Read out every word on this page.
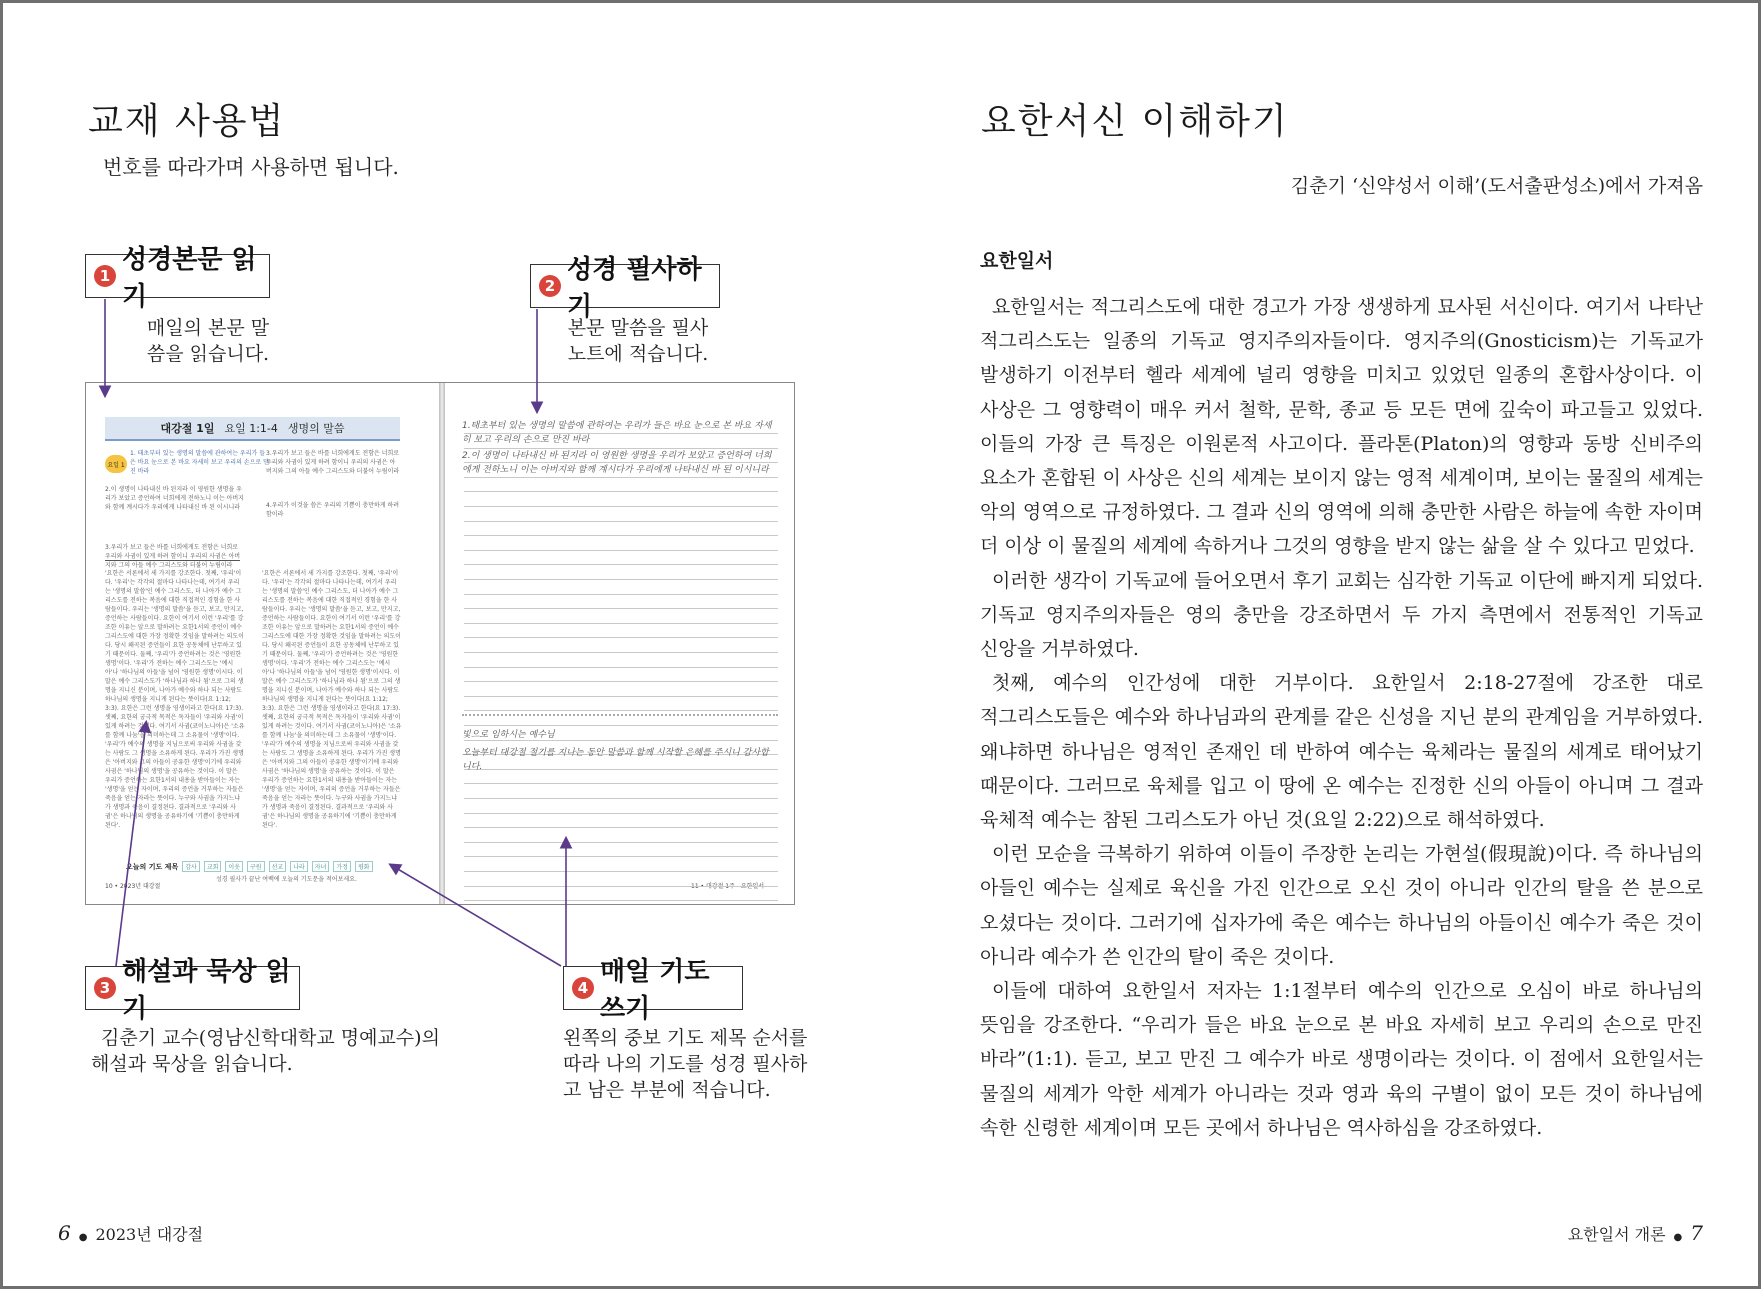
교재 사용법
번호를 따라가며 사용하면 됩니다.
1
성경본문 읽기
매일의 본문 말
씀을 읽습니다.
2
성경 필사하기
본문 말씀을 필사
노트에 적습니다.
대강절 1일 요일 1:1-4 생명의 말씀
요일 1
1. 태초부터 있는 생명의 말씀에 관하여는 우리가 들은 바요 눈으로 본 바요 자세히 보고 우리의 손으로 만진 바라
2.이 생명이 나타내신 바 된지라 이 영원한 생명을 우리가 보았고 증언하여 너희에게 전하노니 이는 아버지와 함께 계시다가 우리에게 나타내신 바 된 이시니라
3.우리가 보고 들은 바를 너희에게도 전함은 너희로 우리와 사귐이 있게 하려 함이니 우리의 사귐은 아버지와 그의 아들 예수 그리스도와 더불어 누림이라
3.우리가 보고 들은 바를 너희에게도 전함은 너희로 우리와 사귐이 있게 하려 함이니 우리의 사귐은 아버지와 그의 아들 예수 그리스도와 더불어 누림이라
4.우리가 이것을 씀은 우리의 기쁨이 충만하게 하려 함이라
'요한은 서론에서 세 가지를 강조한다. 첫째, '우리'이다. '우리'는 각각의 절마다 나타나는데, 여기서 우리는 '생명의 말씀'인 예수 그리스도, 더 나아가 예수 그리스도를 전하는 복음에 대한 직접적인 경험을 한 사람들이다. 우리는 '생명의 말씀'을 듣고, 보고, 만지고, 증언하는 사람들이다. 요한이 여기서 이런 '우리'를 강조한 이유는 앞으로 말하려는 요한1서의 증언이 예수 그리스도에 대한 가장 정확한 것임을 말하려는 의도이다. 당시 왜곡된 증언들이 요한 공동체에 난무하고 있기 때문이다. 둘째, '우리'가 증언하려는 것은 '영원한 생명'이다. '우리'가 전하는 예수 그리스도는 '예시아'나 '하나님의 아들'을 넘어 '영원한 생명'이시다. 이 말은 예수 그리스도가 '하나님과 하나 됨'으로 그의 생명을 지니신 분이며, 나아가 예수와 하나 되는 사람도 하나님의 생명을 지니게 된다는 뜻이다(요 1:12; 3:3). 요한은 그런 생명을 영생이라고 한다(요 17:3). 셋째, 요한의 궁극적 목적은 독자들이 '우리와 사귐'이 있게 하려는 것이다. 여기서 사귐(코이노니아)은 '소유를 함께 나눔'을 의미하는데 그 소유물이 '생명'이다. '우리'가 예수의 생명을 지님으로써 우리와 사귐을 갖는 사람도 그 생명을 소유하게 된다. 우리가 가진 생명은 '아버지와 그의 아들이 공유한 생명'이기에 우리와 사귐은 '하나님의 생명'을 공유하는 것이다. 이 말은 우리가 증언하는 요한1서의 내용을 받아들이는 자는 '생명'을 얻는 자이며, 우리의 증언을 거부하는 자들은 죽음을 얻는 자라는 뜻이다. 누구와 사귐을 가지느냐가 생명과 죽음이 결정된다. 결과적으로 '우리와 사귐'은 하나님의 생명을 공유하기에 '기쁨이 충만하게 된다'.
'요한은 서론에서 세 가지를 강조한다. 첫째, '우리'이다. '우리'는 각각의 절마다 나타나는데, 여기서 우리는 '생명의 말씀'인 예수 그리스도, 더 나아가 예수 그리스도를 전하는 복음에 대한 직접적인 경험을 한 사람들이다. 우리는 '생명의 말씀'을 듣고, 보고, 만지고, 증언하는 사람들이다. 요한이 여기서 이런 '우리'를 강조한 이유는 앞으로 말하려는 요한1서의 증언이 예수 그리스도에 대한 가장 정확한 것임을 말하려는 의도이다. 당시 왜곡된 증언들이 요한 공동체에 난무하고 있기 때문이다. 둘째, '우리'가 증언하려는 것은 '영원한 생명'이다. '우리'가 전하는 예수 그리스도는 '예시아'나 '하나님의 아들'을 넘어 '영원한 생명'이시다. 이 말은 예수 그리스도가 '하나님과 하나 됨'으로 그의 생명을 지니신 분이며, 나아가 예수와 하나 되는 사람도 하나님의 생명을 지니게 된다는 뜻이다(요 1:12; 3:3). 요한은 그런 생명을 영생이라고 한다(요 17:3). 셋째, 요한의 궁극적 목적은 독자들이 '우리와 사귐'이 있게 하려는 것이다. 여기서 사귐(코이노니아)은 '소유를 함께 나눔'을 의미하는데 그 소유물이 '생명'이다. '우리'가 예수의 생명을 지님으로써 우리와 사귐을 갖는 사람도 그 생명을 소유하게 된다. 우리가 가진 생명은 '아버지와 그의 아들이 공유한 생명'이기에 우리와 사귐은 '하나님의 생명'을 공유하는 것이다. 이 말은 우리가 증언하는 요한1서의 내용을 받아들이는 자는 '생명'을 얻는 자이며, 우리의 증언을 거부하는 자들은 죽음을 얻는 자라는 뜻이다. 누구와 사귐을 가지느냐가 생명과 죽음이 결정된다. 결과적으로 '우리와 사귐'은 하나님의 생명을 공유하기에 '기쁨이 충만하게 된다'.
오늘의 기도 제목	감사	교회	이웃	구원	선교	나라	자녀	가정	평화
성경 필사가 끝난 여백에 오늘의 기도문을 적어보세요.
10 • 2023년 대강절	11 • 대강절 1주 - 요한일서
1.태초부터 있는 생명의 말씀에 관하여는 우리가 들은 바요 눈으로 본 바요 자세히 보고 우리의 손으로 만진 바라
2.이 생명이 나타내신 바 된지라 이 영원한 생명을 우리가 보았고 증언하여 너희에게 전하노니 이는 아버지와 함께 계시다가 우리에게 나타내신 바 된 이시니라
빛으로 임하시는 예수님
오늘부터 대강절 절기를 지나는 동안 말씀과 함께 시작할 은혜를 주시니 감사합니다.
3
해설과 묵상 읽기
김춘기 교수(영남신학대학교 명예교수)의
해설과 묵상을 읽습니다.
4
매일 기도쓰기
왼쪽의 중보 기도 제목 순서를
따라 나의 기도를 성경 필사하
고 남은 부분에 적습니다.
6 ● 2023년 대강절
요한서신 이해하기
김춘기 ‘신약성서 이해’(도서출판성소)에서 가져옴
요한일서

요한일서는 적그리스도에 대한 경고가 가장 생생하게 묘사된 서신이다. 여기서 나타난 적그리스도는 일종의 기독교 영지주의자들이다. 영지주의(Gnosticism)는 기독교가 발생하기 이전부터 헬라 세계에 널리 영향을 미치고 있었던 일종의 혼합사상이다. 이 사상은 그 영향력이 매우 커서 철학, 문학, 종교 등 모든 면에 깊숙이 파고들고 있었다. 이들의 가장 큰 특징은 이원론적 사고이다. 플라톤(Platon)의 영향과 동방 신비주의 요소가 혼합된 이 사상은 신의 세계는 보이지 않는 영적 세계이며, 보이는 물질의 세계는 악의 영역으로 규정하였다. 그 결과 신의 영역에 의해 충만한 사람은 하늘에 속한 자이며 더 이상 이 물질의 세계에 속하거나 그것의 영향을 받지 않는 삶을 살 수 있다고 믿었다.

이러한 생각이 기독교에 들어오면서 후기 교회는 심각한 기독교 이단에 빠지게 되었다. 기독교 영지주의자들은 영의 충만을 강조하면서 두 가지 측면에서 전통적인 기독교 신앙을 거부하였다.

첫째, 예수의 인간성에 대한 거부이다. 요한일서 2:18-27절에 강조한 대로 적그리스도들은 예수와 하나님과의 관계를 같은 신성을 지닌 분의 관계임을 거부하였다. 왜냐하면 하나님은 영적인 존재인 데 반하여 예수는 육체라는 물질의 세계로 태어났기 때문이다. 그러므로 육체를 입고 이 땅에 온 예수는 진정한 신의 아들이 아니며 그 결과 육체적 예수는 참된 그리스도가 아닌 것(요일 2:22)으로 해석하였다.

이런 모순을 극복하기 위하여 이들이 주장한 논리는 가현설(假現說)이다. 즉 하나님의 아들인 예수는 실제로 육신을 가진 인간으로 오신 것이 아니라 인간의 탈을 쓴 분으로 오셨다는 것이다. 그러기에 십자가에 죽은 예수는 하나님의 아들이신 예수가 죽은 것이 아니라 예수가 쓴 인간의 탈이 죽은 것이다.

이들에 대하여 요한일서 저자는 1:1절부터 예수의 인간으로 오심이 바로 하나님의 뜻임을 강조한다. “우리가 들은 바요 눈으로 본 바요 자세히 보고 우리의 손으로 만진 바라”(1:1). 듣고, 보고 만진 그 예수가 바로 생명이라는 것이다. 이 점에서 요한일서는 물질의 세계가 악한 세계가 아니라는 것과 영과 육의 구별이 없이 모든 것이 하나님에 속한 신령한 세계이며 모든 곳에서 하나님은 역사하심을 강조하였다.

요한일서 개론 ● 7
